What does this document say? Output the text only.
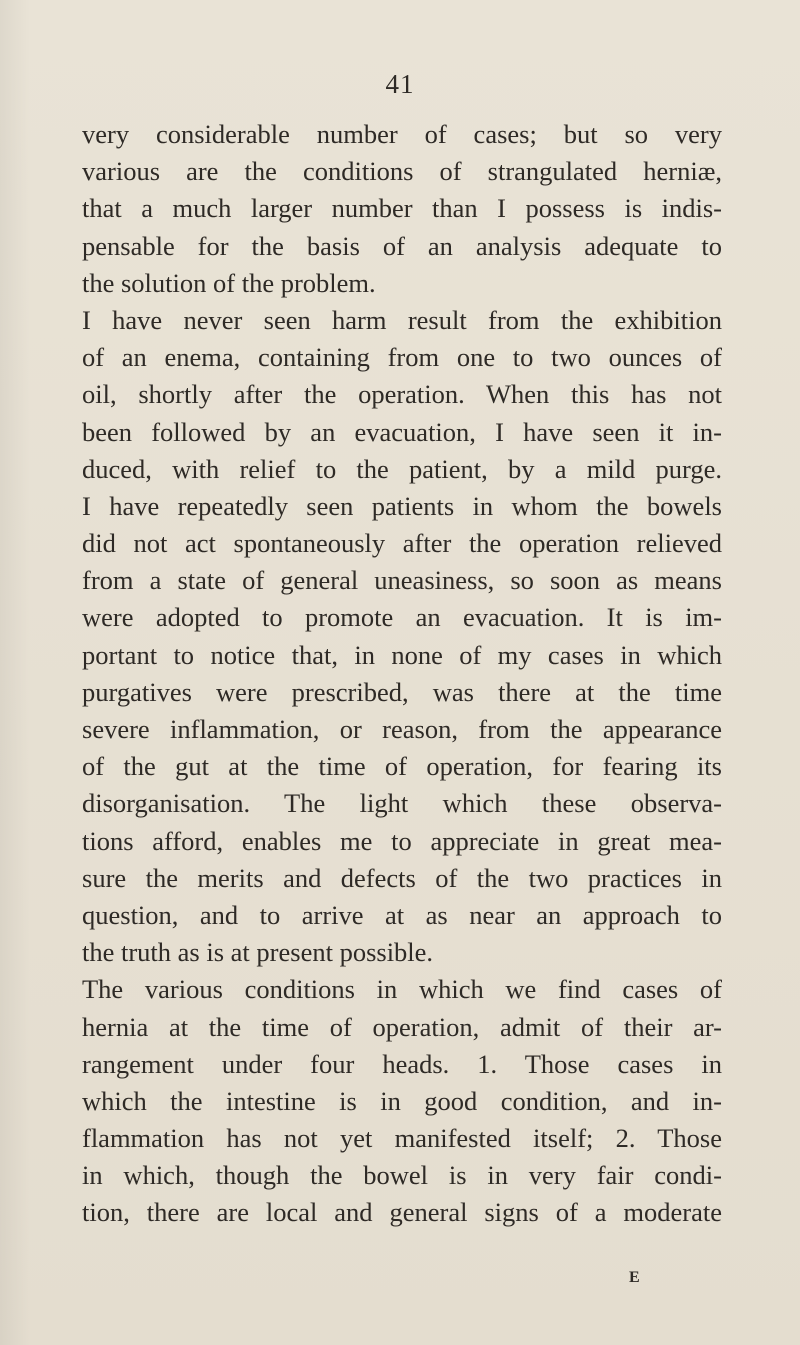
41
very considerable number of cases; but so very
various are the conditions of strangulated herniæ,
that a much larger number than I possess is indis-
pensable for the basis of an analysis adequate to
the solution of the problem.
I have never seen harm result from the exhibition
of an enema, containing from one to two ounces of
oil, shortly after the operation. When this has not
been followed by an evacuation, I have seen it in-
duced, with relief to the patient, by a mild purge.
I have repeatedly seen patients in whom the bowels
did not act spontaneously after the operation relieved
from a state of general uneasiness, so soon as means
were adopted to promote an evacuation. It is im-
portant to notice that, in none of my cases in which
purgatives were prescribed, was there at the time
severe inflammation, or reason, from the appearance
of the gut at the time of operation, for fearing its
disorganisation. The light which these observa-
tions afford, enables me to appreciate in great mea-
sure the merits and defects of the two practices in
question, and to arrive at as near an approach to
the truth as is at present possible.
The various conditions in which we find cases of
hernia at the time of operation, admit of their ar-
rangement under four heads. 1. Those cases in
which the intestine is in good condition, and in-
flammation has not yet manifested itself; 2. Those
in which, though the bowel is in very fair condi-
tion, there are local and general signs of a moderate
E
